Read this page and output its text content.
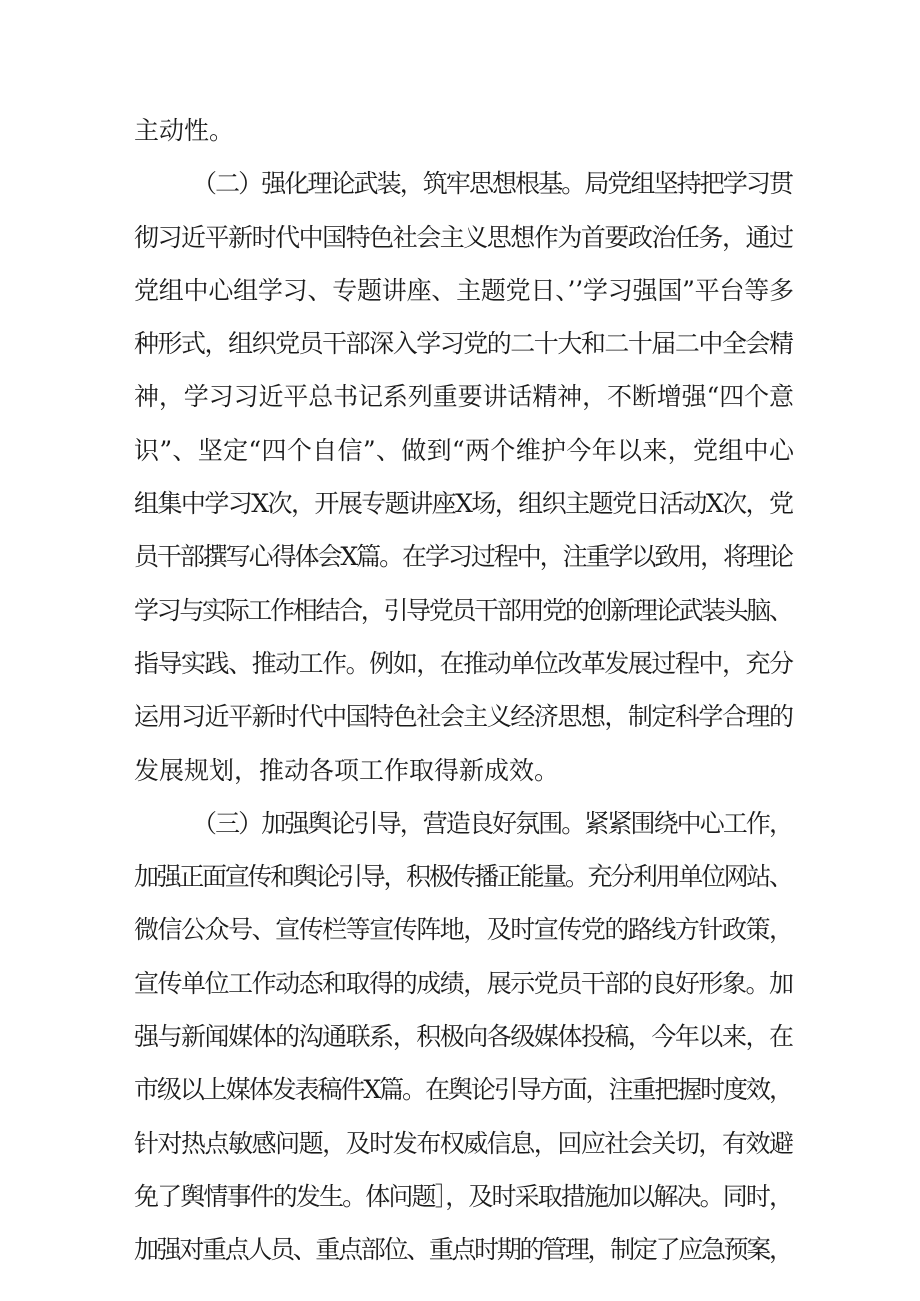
主动性。
（二）强化理论武装，筑牢思想根基。局党组坚持把学习贯
彻习近平新时代中国特色社会主义思想作为首要政治任务，通过
党组中心组学习、专题讲座、主题党日、’’学习强国”平台等多
种形式，组织党员干部深入学习党的二十大和二十届二中全会精
神，学习习近平总书记系列重要讲话精神，不断增强“四个意
识”、坚定“四个自信”、做到“两个维护今年以来，党组中心
组集中学习X次，开展专题讲座X场，组织主题党日活动X次，党
员干部撰写心得体会X篇。在学习过程中，注重学以致用，将理论
学习与实际工作相结合，引导党员干部用党的创新理论武装头脑、
指导实践、推动工作。例如，在推动单位改革发展过程中，充分
运用习近平新时代中国特色社会主义经济思想，制定科学合理的
发展规划，推动各项工作取得新成效。
（三）加强舆论引导，营造良好氛围。紧紧围绕中心工作，
加强正面宣传和舆论引导，积极传播正能量。充分利用单位网站、
微信公众号、宣传栏等宣传阵地，及时宣传党的路线方针政策，
宣传单位工作动态和取得的成绩，展示党员干部的良好形象。加
强与新闻媒体的沟通联系，积极向各级媒体投稿，今年以来，在
市级以上媒体发表稿件X篇。在舆论引导方面，注重把握时度效，
针对热点敏感问题，及时发布权威信息，回应社会关切，有效避
免了舆情事件的发生。体问题］，及时采取措施加以解决。同时，
加强对重点人员、重点部位、重点时期的管理，制定了应急预案，
